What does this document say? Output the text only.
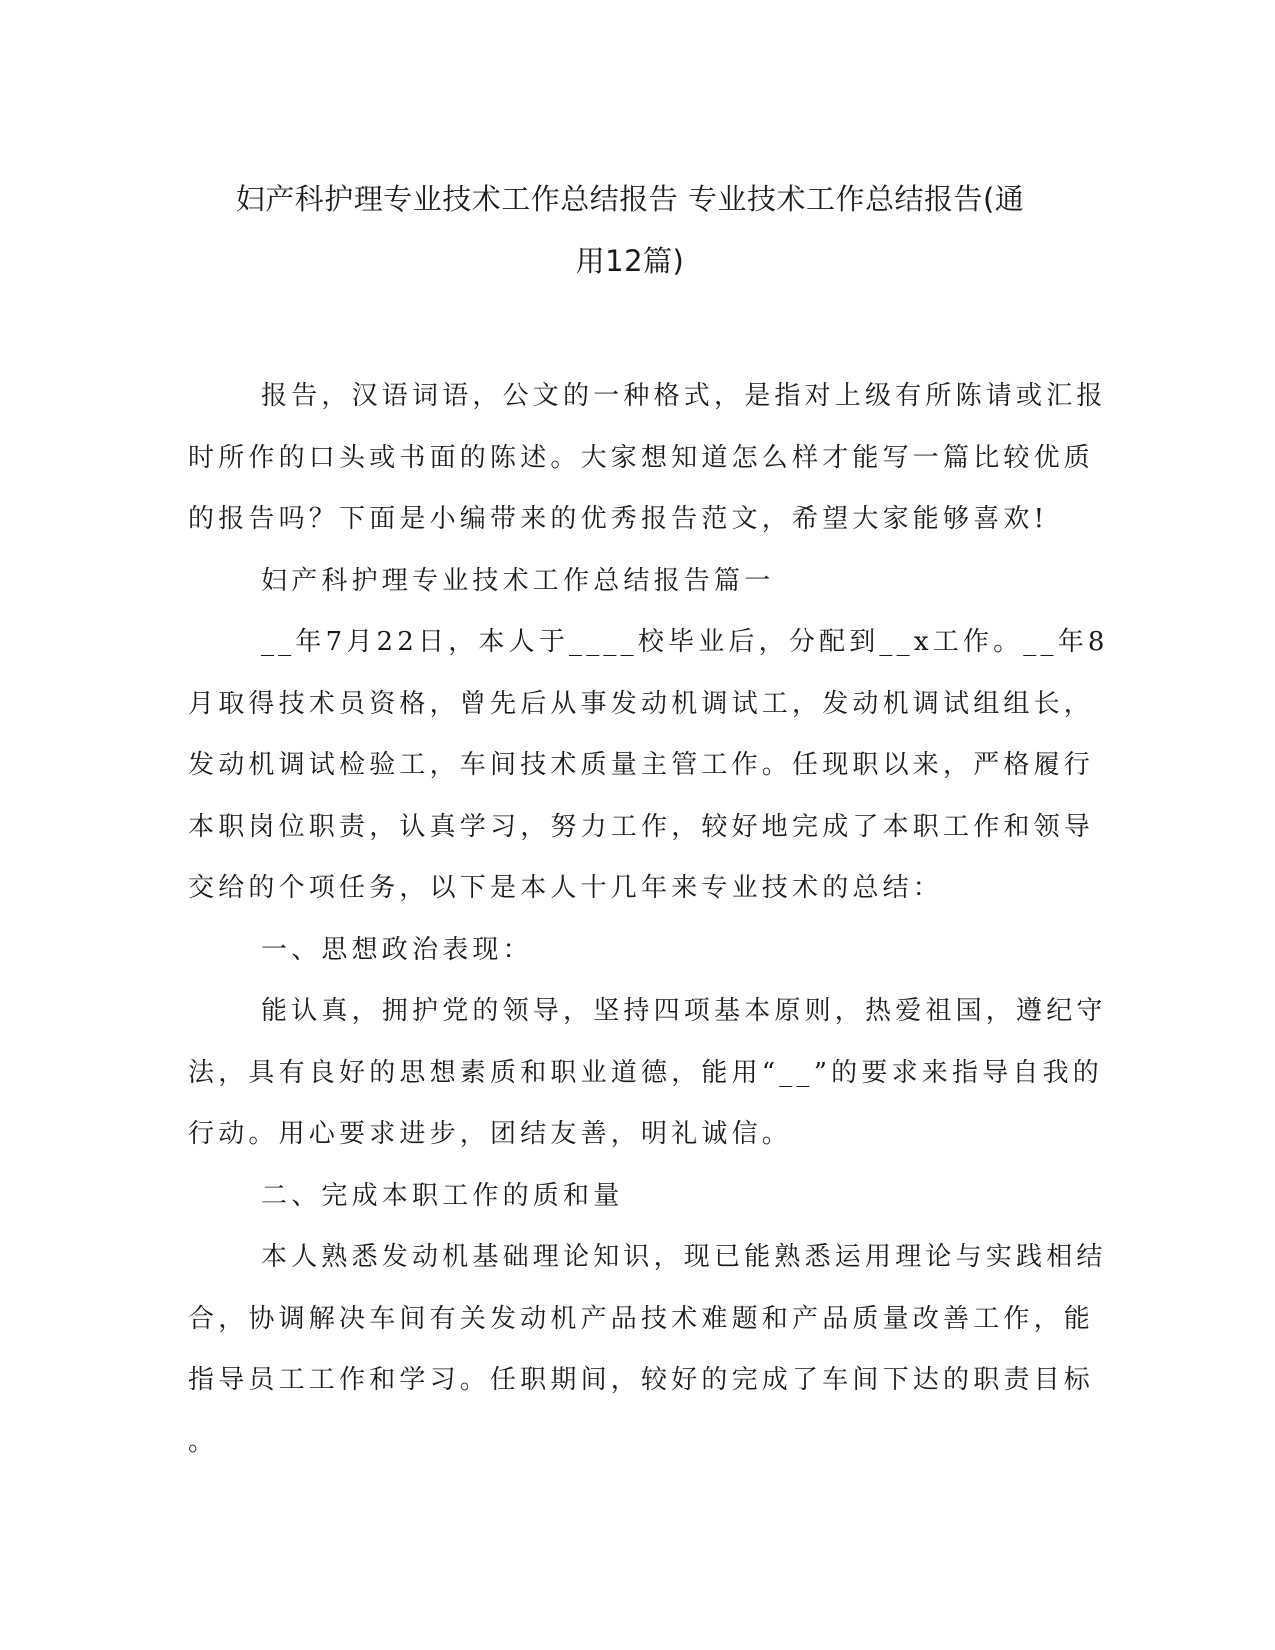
妇产科护理专业技术工作总结报告 专业技术工作总结报告(通
用12篇)
报告，汉语词语，公文的一种格式，是指对上级有所陈请或汇报
时所作的口头或书面的陈述。大家想知道怎么样才能写一篇比较优质
的报告吗？下面是小编带来的优秀报告范文，希望大家能够喜欢!
妇产科护理专业技术工作总结报告篇一
__年7月22日，本人于____校毕业后，分配到__x工作。__年8
月取得技术员资格，曾先后从事发动机调试工，发动机调试组组长，
发动机调试检验工，车间技术质量主管工作。任现职以来，严格履行
本职岗位职责，认真学习，努力工作，较好地完成了本职工作和领导
交给的个项任务，以下是本人十几年来专业技术的总结：
一、思想政治表现：
能认真，拥护党的领导，坚持四项基本原则，热爱祖国，遵纪守
法，具有良好的思想素质和职业道德，能用“__”的要求来指导自我的
行动。用心要求进步，团结友善，明礼诚信。
二、完成本职工作的质和量
本人熟悉发动机基础理论知识，现已能熟悉运用理论与实践相结
合，协调解决车间有关发动机产品技术难题和产品质量改善工作，能
指导员工工作和学习。任职期间，较好的完成了车间下达的职责目标
。
